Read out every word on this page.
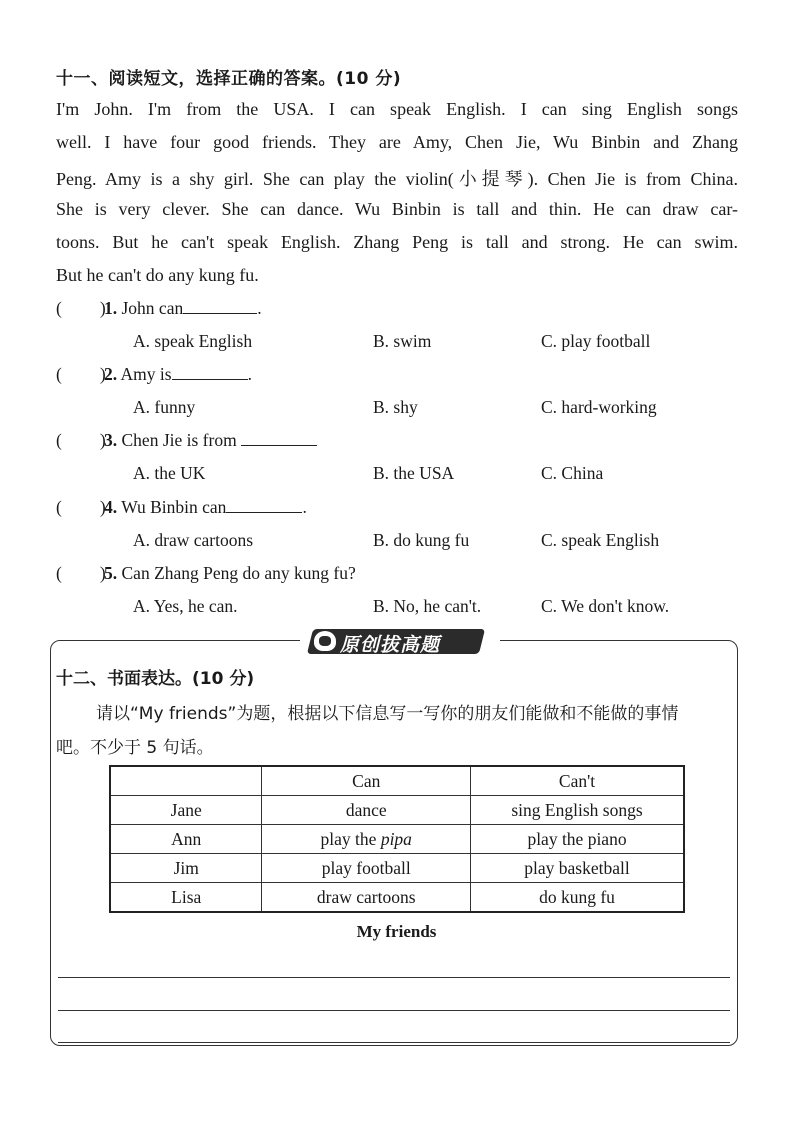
十一、阅读短文，选择正确的答案。(10 分)
I'm John. I'm from the USA. I can speak English. I can sing English songs
well. I have four good friends. They are Amy, Chen Jie, Wu Binbin and Zhang
Peng. Amy is a shy girl. She can play the violin(小提琴). Chen Jie is from China.
She is very clever. She can dance. Wu Binbin is tall and thin. He can draw car-
toons. But he can't speak English. Zhang Peng is tall and strong. He can swim.
But he can't do any kung fu.
( )1. John can	.
A. speak English	B. swim	C. play football
( )2. Amy is	.
A. funny	B. shy	C. hard-working
( )3. Chen Jie is from
A. the UK	B. the USA	C. China
( )4. Wu Binbin can	.
A. draw cartoons	B. do kung fu	C. speak English
( )5. Can Zhang Peng do any kung fu?
A. Yes, he can.	B. No, he can't.	C. We don't know.
原创拔高题
十二、书面表达。(10 分)
请以“My friends”为题，根据以下信息写一写你的朋友们能做和不能做的事情
吧。不少于 5 句话。
	Can	Can't
Jane	dance	sing English songs
Ann	play the pipa	play the piano
Jim	play football	play basketball
Lisa	draw cartoons	do kung fu
My friends
